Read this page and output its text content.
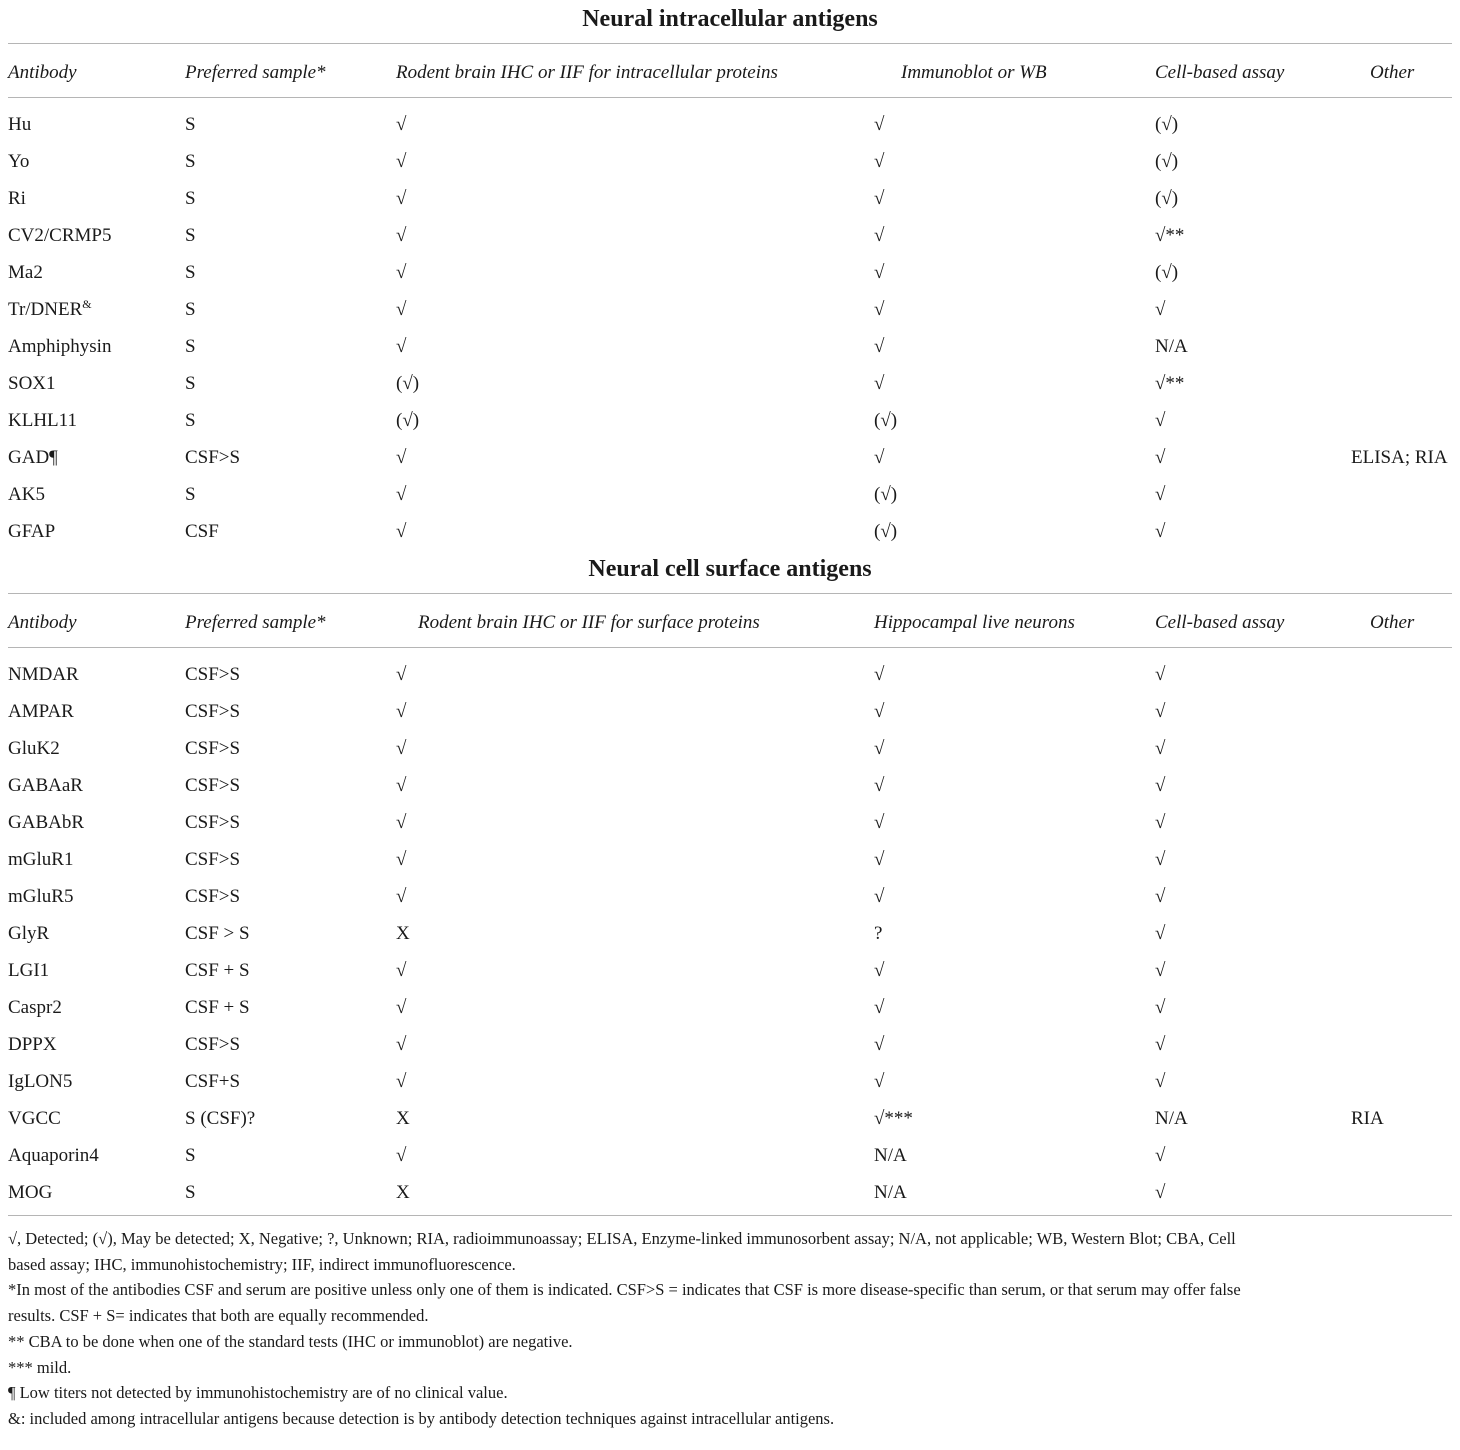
Neural intracellular antigens
Antibody	Preferred sample*	Rodent brain IHC or IIF for intracellular proteins	Immunoblot or WB	Cell-based assay	Other
Hu	S	√	√	(√)
Yo	S	√	√	(√)
Ri	S	√	√	(√)
CV2/CRMP5	S	√	√	√**
Ma2	S	√	√	(√)
Tr/DNER&	S	√	√	√
Amphiphysin	S	√	√	N/A
SOX1	S	(√)	√	√**
KLHL11	S	(√)	(√)	√
GAD¶	CSF>S	√	√	√	ELISA; RIA
AK5	S	√	(√)	√
GFAP	CSF	√	(√)	√
Neural cell surface antigens
Antibody	Preferred sample*	Rodent brain IHC or IIF for surface proteins	Hippocampal live neurons	Cell-based assay	Other
NMDAR	CSF>S	√	√	√
AMPAR	CSF>S	√	√	√
GluK2	CSF>S	√	√	√
GABAaR	CSF>S	√	√	√
GABAbR	CSF>S	√	√	√
mGluR1	CSF>S	√	√	√
mGluR5	CSF>S	√	√	√
GlyR	CSF > S	X	?	√
LGI1	CSF + S	√	√	√
Caspr2	CSF + S	√	√	√
DPPX	CSF>S	√	√	√
IgLON5	CSF+S	√	√	√
VGCC	S (CSF)?	X	√***	N/A	RIA
Aquaporin4	S	√	N/A	√
MOG	S	X	N/A	√
√, Detected; (√), May be detected; X, Negative; ?, Unknown; RIA, radioimmunoassay; ELISA, Enzyme-linked immunosorbent assay; N/A, not applicable; WB, Western Blot; CBA, Cell
based assay; IHC, immunohistochemistry; IIF, indirect immunofluorescence.
*In most of the antibodies CSF and serum are positive unless only one of them is indicated. CSF>S = indicates that CSF is more disease-specific than serum, or that serum may offer false
results. CSF + S= indicates that both are equally recommended.
** CBA to be done when one of the standard tests (IHC or immunoblot) are negative.
*** mild.
¶ Low titers not detected by immunohistochemistry are of no clinical value.
&: included among intracellular antigens because detection is by antibody detection techniques against intracellular antigens.
